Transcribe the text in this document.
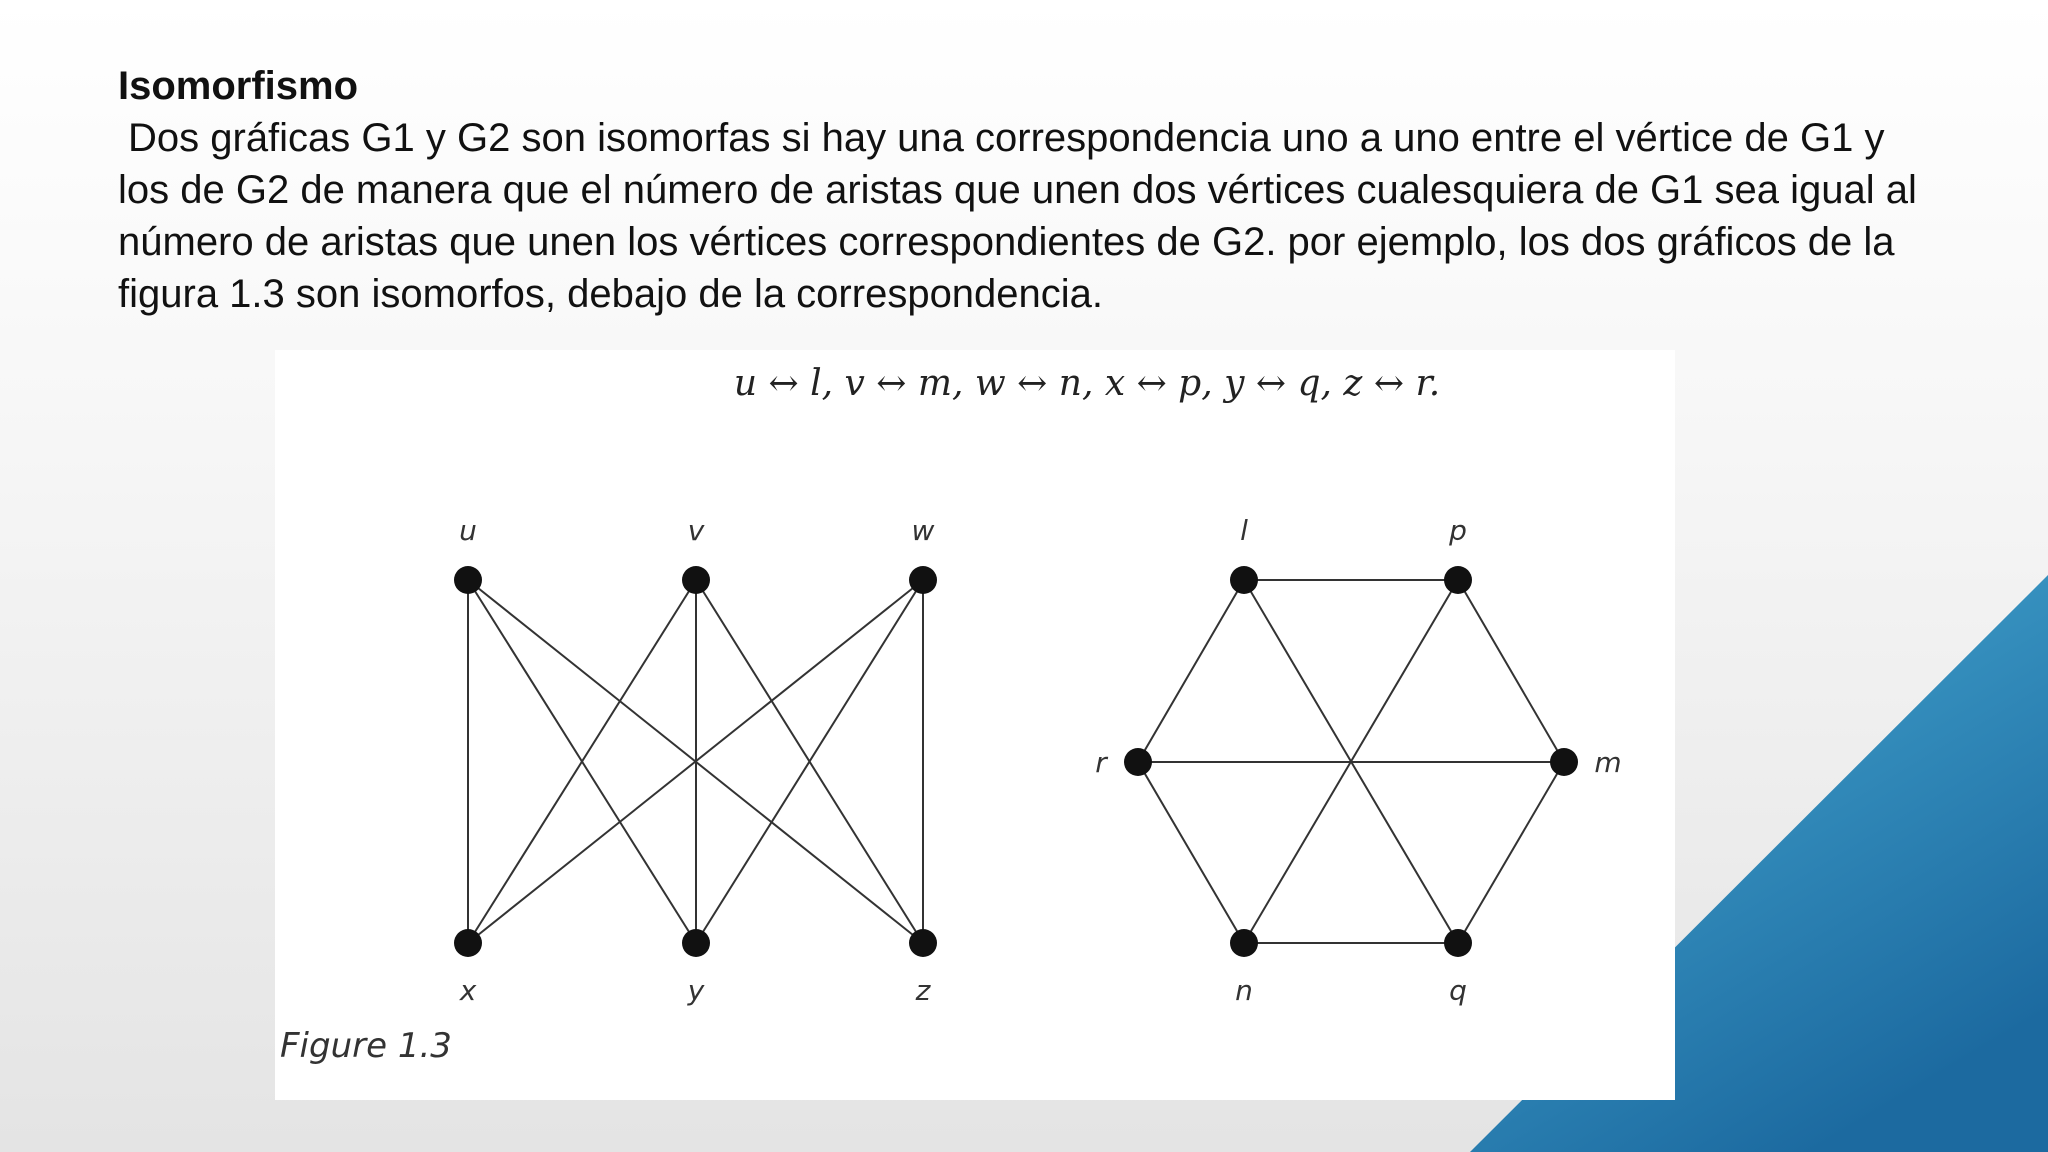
Isomorfismo
Dos gráficas G1 y G2 son isomorfas si hay una correspondencia uno a uno entre el vértice de G1 y los de G2 de manera que el número de aristas que unen dos vértices cualesquiera de G1 sea igual al número de aristas que unen los vértices correspondientes de G2. por ejemplo, los dos gráficos de la figura 1.3 son isomorfos, debajo de la correspondencia.
u ↔ l, v ↔ m, w ↔ n, x ↔ p, y ↔ q, z ↔ r.
u	v	w
x	y	z
l	p
m
q
n
r
Figure 1.3
